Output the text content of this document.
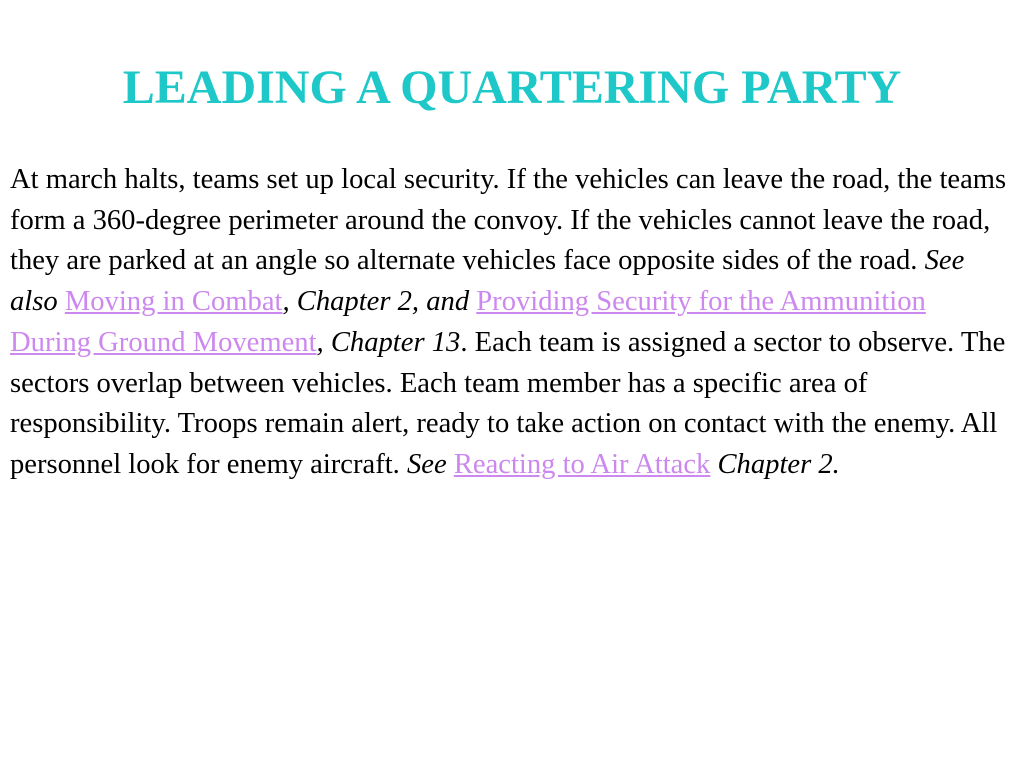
LEADING A QUARTERING PARTY

At march halts, teams set up local security. If the vehicles can leave the road, the teams form a 360-degree perimeter around the convoy. If the vehicles cannot leave the road, they are parked at an angle so alternate vehicles face opposite sides of the road. See also Moving in Combat, Chapter 2, and Providing Security for the Ammunition During Ground Movement, Chapter 13. Each team is assigned a sector to observe. The sectors overlap between vehicles. Each team member has a specific area of responsibility. Troops remain alert, ready to take action on contact with the enemy. All personnel look for enemy aircraft. See Reacting to Air Attack Chapter 2.
